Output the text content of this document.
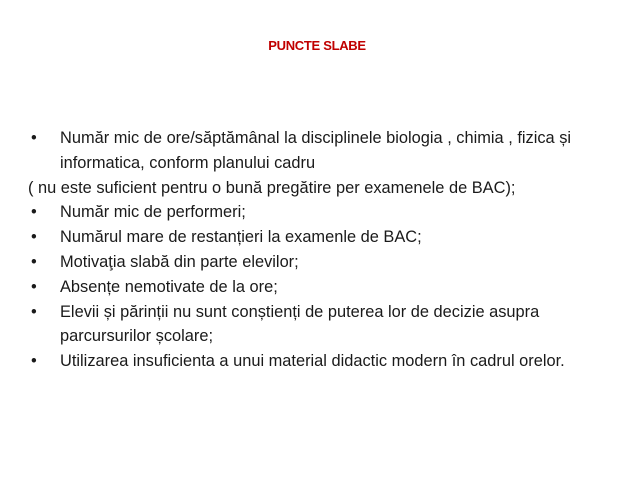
PUNCTE SLABE
•	Număr mic de ore/săptămânal la disciplinele biologia , chimia , fizica și informatica, conform planului cadru
( nu este suficient pentru o bună pregătire per examenele de BAC);
•	Număr mic de performeri;
•	Numărul mare de restanțieri la examenle de BAC;
•	Motivaţia slabă din parte elevilor;
•	Absențe nemotivate de la ore;
•	Elevii și părinții nu sunt conștienți de puterea lor de decizie asupra parcursurilor școlare;
•	Utilizarea insuficienta a unui material didactic modern în cadrul orelor.
